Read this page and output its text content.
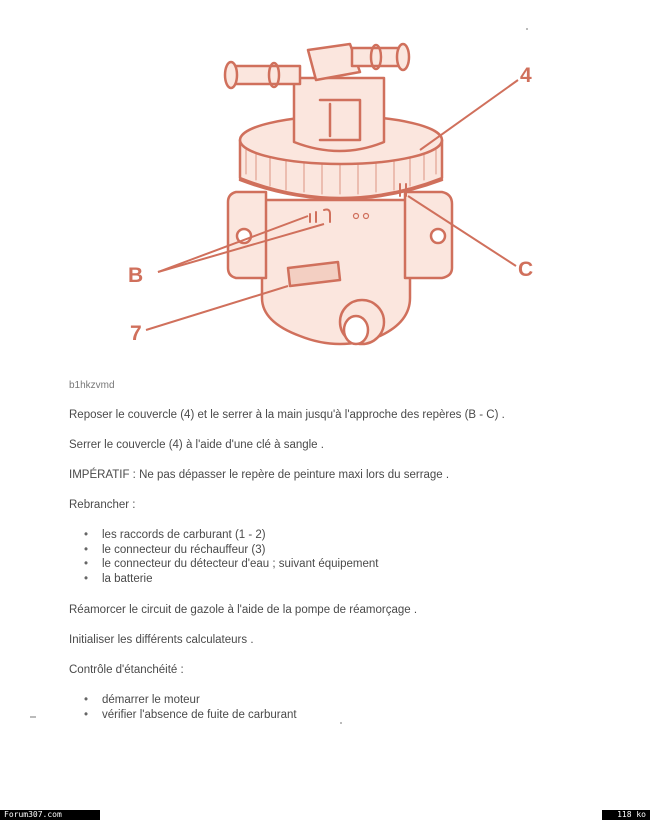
4
B	C
7
b1hkzvmd
Reposer le couvercle (4) et le serrer à la main jusqu'à l'approche des repères (B - C) .
Serrer le couvercle (4) à l'aide d'une clé à sangle .
IMPÉRATIF : Ne pas dépasser le repère de peinture maxi lors du serrage .
Rebrancher :
• les raccords de carburant (1 - 2)
• le connecteur du réchauffeur (3)
• le connecteur du détecteur d'eau ; suivant équipement
• la batterie
Réamorcer le circuit de gazole à l'aide de la pompe de réamorçage .
Initialiser les différents calculateurs .
Contrôle d'étanchéité :
• démarrer le moteur
• vérifier l'absence de fuite de carburant
Forum307.com	118 ko
